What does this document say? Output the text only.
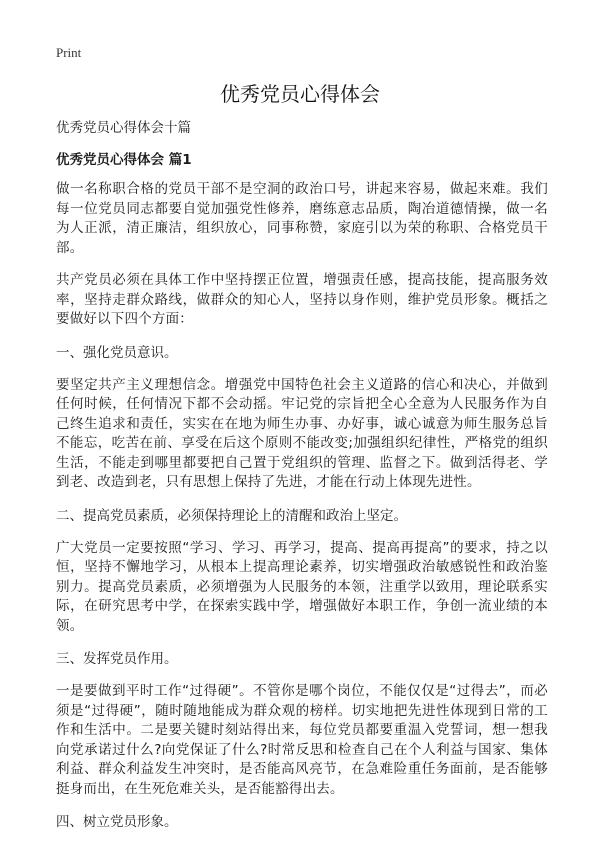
Print
优秀党员心得体会

优秀党员心得体会十篇

优秀党员心得体会 篇1

做一名称职合格的党员干部不是空洞的政治口号，讲起来容易，做起来难。我们每一位党员同志都要自觉加强党性修养，磨练意志品质，陶冶道德情操，做一名为人正派，清正廉洁，组织放心，同事称赞，家庭引以为荣的称职、合格党员干部。

共产党员必须在具体工作中坚持摆正位置，增强责任感，提高技能，提高服务效率，坚持走群众路线，做群众的知心人，坚持以身作则，维护党员形象。概括之要做好以下四个方面：

一、强化党员意识。

要坚定共产主义理想信念。增强党中国特色社会主义道路的信心和决心，并做到任何时候，任何情况下都不会动摇。牢记党的宗旨把全心全意为人民服务作为自己终生追求和责任，实实在在地为师生办事、办好事，诚心诚意为师生服务总旨不能忘，吃苦在前、享受在后这个原则不能改变;加强组织纪律性，严格党的组织生活，不能走到哪里都要把自己置于党组织的管理、监督之下。做到活得老、学到老、改造到老，只有思想上保持了先进，才能在行动上体现先进性。

二、提高党员素质，必须保持理论上的清醒和政治上坚定。

广大党员一定要按照“学习、学习、再学习，提高、提高再提高”的要求，持之以恒，坚持不懈地学习，从根本上提高理论素养，切实增强政治敏感锐性和政治鉴别力。提高党员素质，必须增强为人民服务的本领，注重学以致用，理论联系实际，在研究思考中学，在探索实践中学，增强做好本职工作，争创一流业绩的本领。

三、发挥党员作用。

一是要做到平时工作“过得硬”。不管你是哪个岗位，不能仅仅是“过得去”，而必须是“过得硬”，随时随地能成为群众观的榜样。切实地把先进性体现到日常的工作和生活中。二是要关键时刻站得出来，每位党员都要重温入党誓词，想一想我向党承诺过什么?向党保证了什么?时常反思和检查自己在个人利益与国家、集体利益、群众利益发生冲突时，是否能高风亮节，在急难险重任务面前，是否能够挺身而出，在生死危难关头，是否能豁得出去。

四、树立党员形象。
